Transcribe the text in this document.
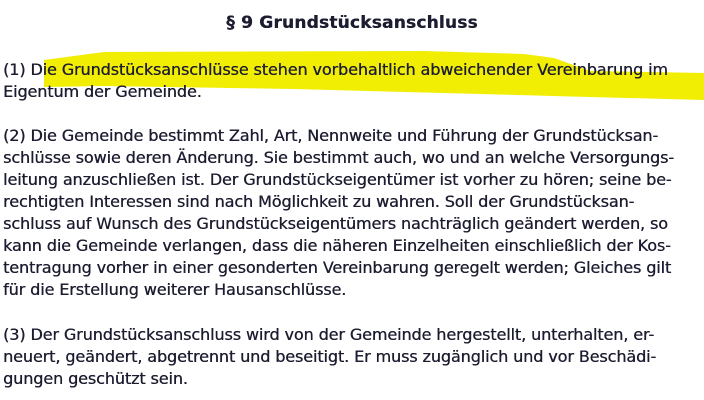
§ 9 Grundstücksanschluss
(1) Die Grundstücksanschlüsse stehen vorbehaltlich abweichender Vereinbarung im
Eigentum der Gemeinde.
(2) Die Gemeinde bestimmt Zahl, Art, Nennweite und Führung der Grundstücksan-
schlüsse sowie deren Änderung. Sie bestimmt auch, wo und an welche Versorgungs-
leitung anzuschließen ist. Der Grundstückseigentümer ist vorher zu hören; seine be-
rechtigten Interessen sind nach Möglichkeit zu wahren. Soll der Grundstücksan-
schluss auf Wunsch des Grundstückseigentümers nachträglich geändert werden, so
kann die Gemeinde verlangen, dass die näheren Einzelheiten einschließlich der Kos-
tentragung vorher in einer gesonderten Vereinbarung geregelt werden; Gleiches gilt
für die Erstellung weiterer Hausanschlüsse.
(3) Der Grundstücksanschluss wird von der Gemeinde hergestellt, unterhalten, er-
neuert, geändert, abgetrennt und beseitigt. Er muss zugänglich und vor Beschädi-
gungen geschützt sein.
